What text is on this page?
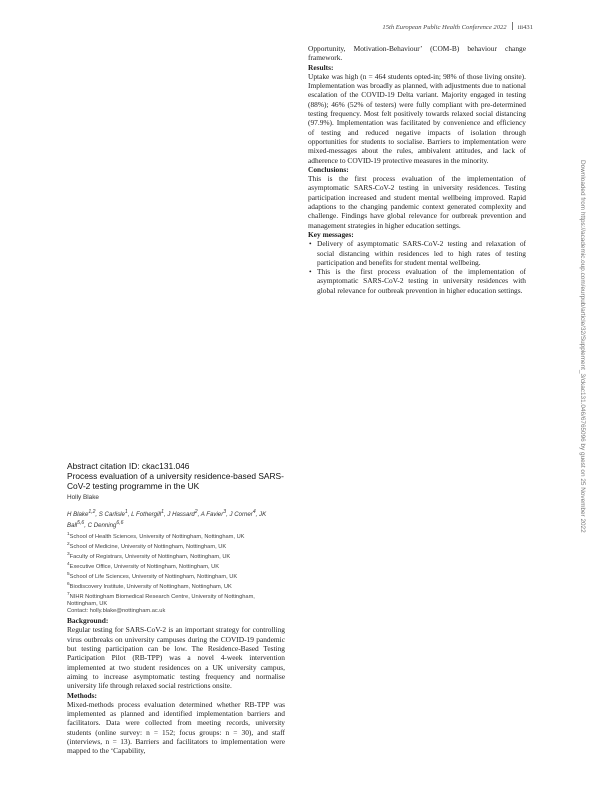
15th European Public Health Conference 2022 iii431

Opportunity, Motivation-Behaviour’ (COM-B) behaviour change framework.

Results:

Uptake was high (n = 464 students opted-in; 98% of those living onsite). Implementation was broadly as planned, with adjustments due to national escalation of the COVID-19 Delta variant. Majority engaged in testing (88%); 46% (52% of testers) were fully compliant with pre-determined testing frequency. Most felt positively towards relaxed social distancing (97.9%). Implementation was facilitated by convenience and efficiency of testing and reduced negative impacts of isolation through opportunities for students to socialise. Barriers to implementation were mixed-messages about the rules, ambivalent attitudes, and lack of adherence to COVID-19 protective measures in the minority.

Conclusions:

This is the first process evaluation of the implementation of asymptomatic SARS-CoV-2 testing in university residences. Testing participation increased and student mental wellbeing improved. Rapid adaptions to the changing pandemic context generated complexity and challenge. Findings have global relevance for outbreak prevention and management strategies in higher education settings.

Key messages:
• Delivery of asymptomatic SARS-CoV-2 testing and relaxation of social distancing within residences led to high rates of testing participation and benefits for student mental wellbeing.
• This is the first process evaluation of the implementation of asymptomatic SARS-CoV-2 testing in university residences with global relevance for outbreak prevention in higher education settings.
Abstract citation ID: ckac131.046
Process evaluation of a university residence-based SARS-CoV-2 testing programme in the UK
Holly Blake
H Blake$^{1,2}$, S Carlisle$^1$, L Fothergill$^1$, J Hassard$^2$, A Favier$^3$, J Corner$^4$, JK Ball$^{5,6}$, C Denning$^{6,6}$
$^1$School of Health Sciences, University of Nottingham, Nottingham, UK
$^2$School of Medicine, University of Nottingham, Nottingham, UK
$^3$Faculty of Registrars, University of Nottingham, Nottingham, UK
$^4$Executive Office, University of Nottingham, Nottingham, UK
$^5$School of Life Sciences, University of Nottingham, Nottingham, UK
$^6$Biodiscovery Institute, University of Nottingham, Nottingham, UK
$^7$NIHR Nottingham Biomedical Research Centre, University of Nottingham,
Nottingham, UK
Contact: holly.blake@nottingham.ac.uk
Background:

Regular testing for SARS-CoV-2 is an important strategy for controlling virus outbreaks on university campuses during the COVID-19 pandemic but testing participation can be low. The Residence-Based Testing Participation Pilot (RB-TPP) was a novel 4-week intervention implemented at two student residences on a UK university campus, aiming to increase asymptomatic testing frequency and normalise university life through relaxed social restrictions onsite.

Methods:

Mixed-methods process evaluation determined whether RB-TPP was implemented as planned and identified implementation barriers and facilitators. Data were collected from meeting records, university students (online survey: n = 152; focus groups: n = 30), and staff (interviews, n = 13). Barriers and facilitators to implementation were mapped to the ‘Capability,

Downloaded from https://academic.oup.com/eurpub/article/32/Supplement_3/ckac131.046/6765096 by guest on 25 November 2022
